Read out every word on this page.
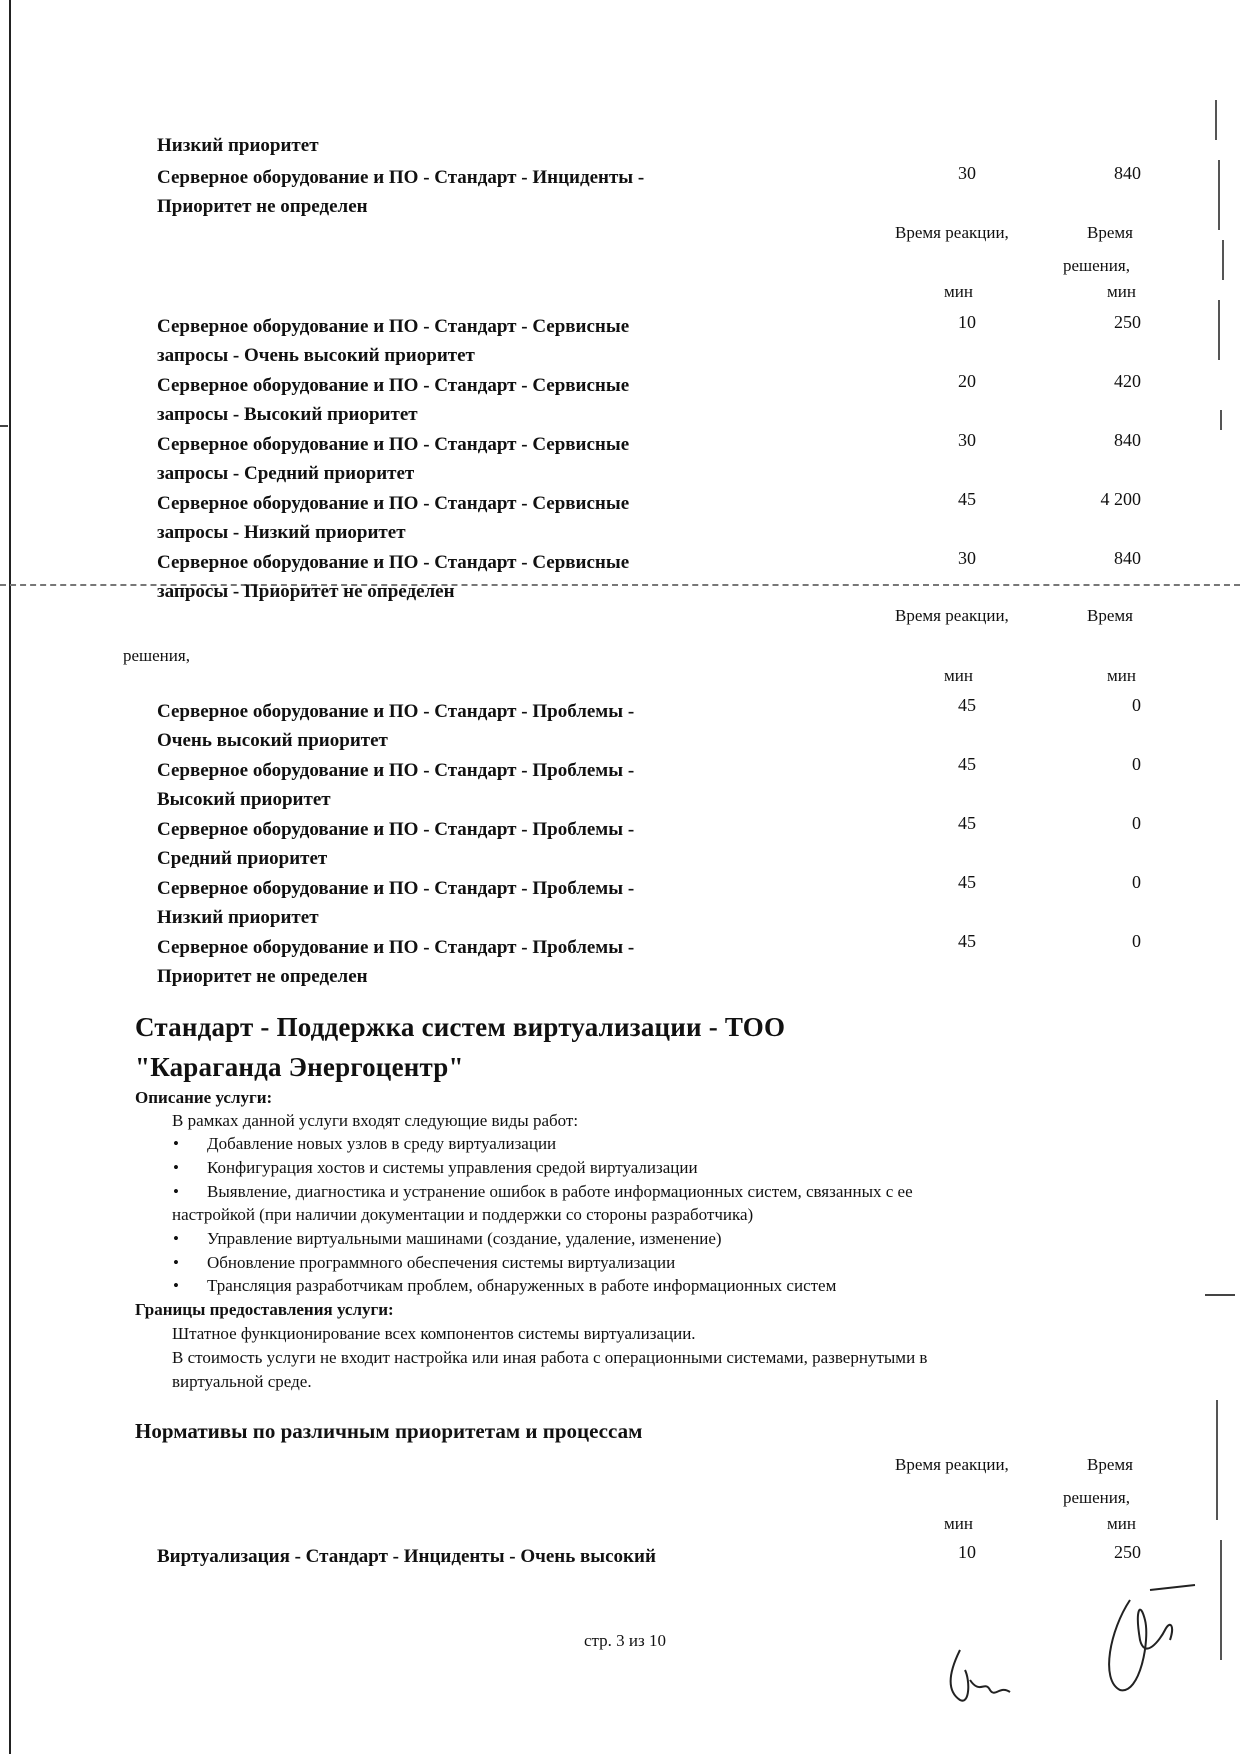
Низкий приоритет
Серверное оборудование и ПО - Стандарт - Инциденты -
Приоритет не определен
30	840
Время реакции,	Время
решения,
мин	мин
Серверное оборудование и ПО - Стандарт - Сервисные
запросы - Очень высокий приоритет
10	250
Серверное оборудование и ПО - Стандарт - Сервисные
запросы - Высокий приоритет
20	420
Серверное оборудование и ПО - Стандарт - Сервисные
запросы - Средний приоритет
30	840
Серверное оборудование и ПО - Стандарт - Сервисные
запросы - Низкий приоритет
45	4 200
Серверное оборудование и ПО - Стандарт - Сервисные
запросы - Приоритет не определен
30	840
Время реакции,	Время
решения,
мин	мин
Серверное оборудование и ПО - Стандарт - Проблемы -
Очень высокий приоритет
45	0
Серверное оборудование и ПО - Стандарт - Проблемы -
Высокий приоритет
45	0
Серверное оборудование и ПО - Стандарт - Проблемы -
Средний приоритет
45	0
Серверное оборудование и ПО - Стандарт - Проблемы -
Низкий приоритет
45	0
Серверное оборудование и ПО - Стандарт - Проблемы -
Приоритет не определен
45	0
Стандарт - Поддержка систем виртуализации - ТОО
"Караганда Энергоцентр"
Описание услуги:
В рамках данной услуги входят следующие виды работ:
• Добавление новых узлов в среду виртуализации
• Конфигурация хостов и системы управления средой виртуализации
• Выявление, диагностика и устранение ошибок в работе информационных систем, связанных с ее
настройкой (при наличии документации и поддержки со стороны разработчика)
• Управление виртуальными машинами (создание, удаление, изменение)
• Обновление программного обеспечения системы виртуализации
• Трансляция разработчикам проблем, обнаруженных в работе информационных систем
Границы предоставления услуги:
Штатное функционирование всех компонентов системы виртуализации.
В стоимость услуги не входит настройка или иная работа с операционными системами, развернутыми в
виртуальной среде.
Нормативы по различным приоритетам и процессам
Время реакции,	Время
решения,
мин	мин
Виртуализация - Стандарт - Инциденты - Очень высокий	10	250
стр. 3 из 10
